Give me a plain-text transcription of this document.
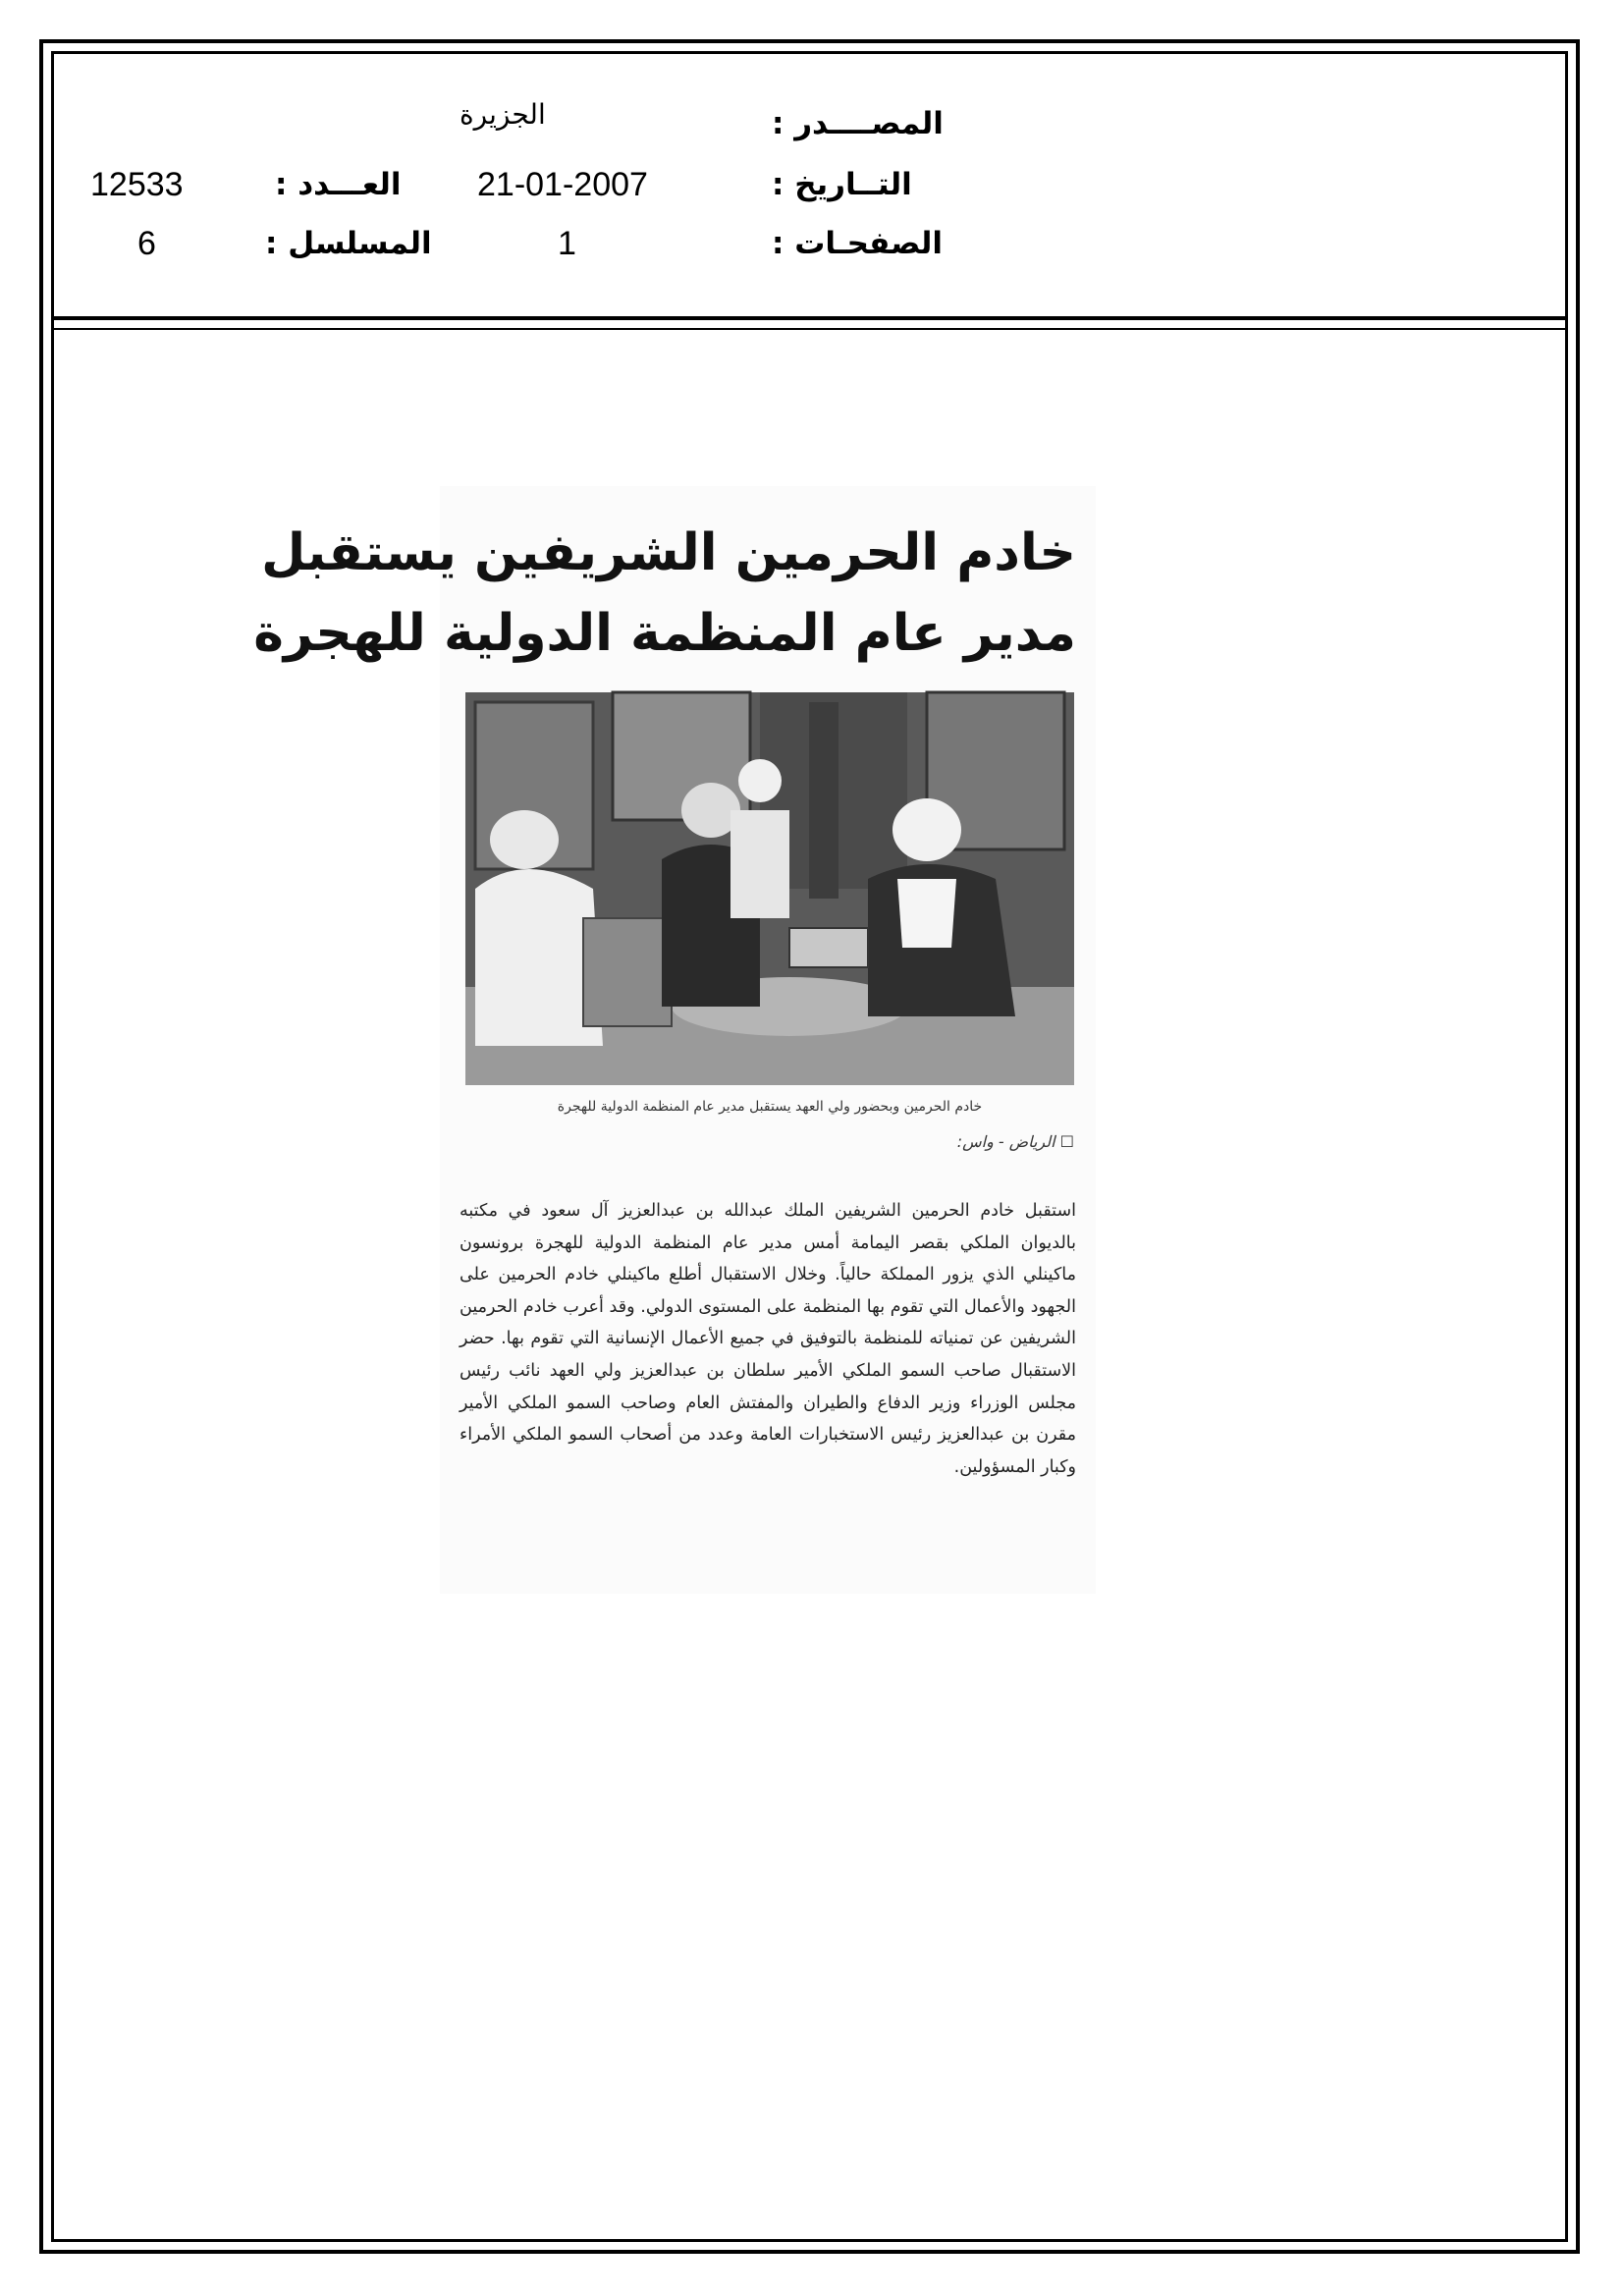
المصــــدر :
الجزيرة
التــاريخ :
21-01-2007
العـــدد :
12533
الصفحـات :
1
المسلسل :
6
خادم الحرمين الشريفين يستقبل
مدير عام المنظمة الدولية للهجرة
خادم الحرمين وبحضور ولي العهد يستقبل مدير عام المنظمة الدولية للهجرة
☐ الرياض - واس:

استقبل خادم الحرمين الشريفين الملك عبدالله بن عبدالعزيز آل سعود في مكتبه بالديوان الملكي بقصر اليمامة أمس مدير عام المنظمة الدولية للهجرة برونسون ماكينلي الذي يزور المملكة حالياً. وخلال الاستقبال أطلع ماكينلي خادم الحرمين على الجهود والأعمال التي تقوم بها المنظمة على المستوى الدولي. وقد أعرب خادم الحرمين الشريفين عن تمنياته للمنظمة بالتوفيق في جميع الأعمال الإنسانية التي تقوم بها. حضر الاستقبال صاحب السمو الملكي الأمير سلطان بن عبدالعزيز ولي العهد نائب رئيس مجلس الوزراء وزير الدفاع والطيران والمفتش العام وصاحب السمو الملكي الأمير مقرن بن عبدالعزيز رئيس الاستخبارات العامة وعدد من أصحاب السمو الملكي الأمراء وكبار المسؤولين.
